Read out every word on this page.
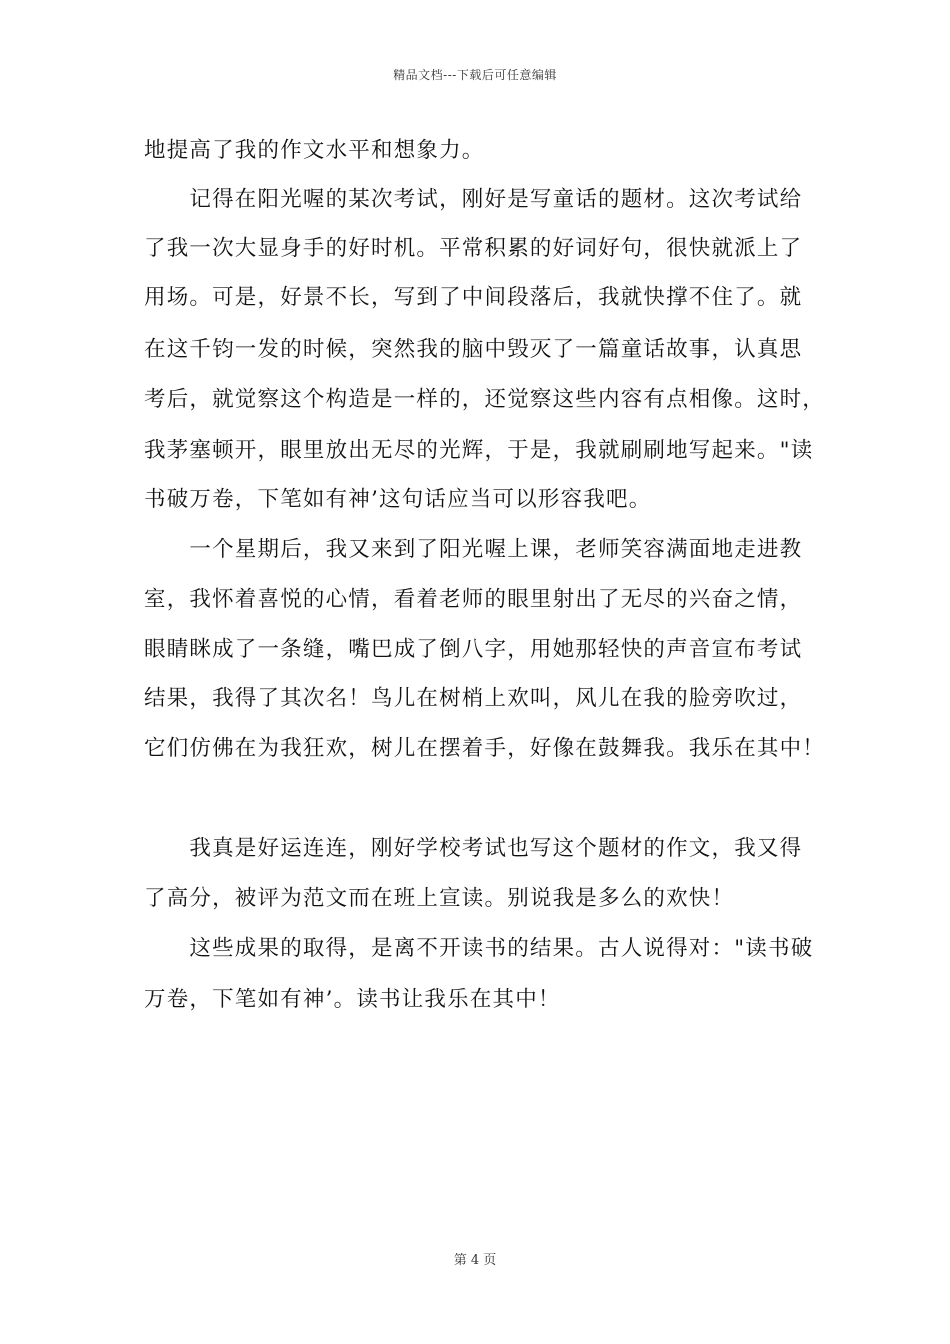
精品文档---下载后可任意编辑
地提高了我的作文水平和想象力。
　　记得在阳光喔的某次考试，刚好是写童话的题材。这次考试给
了我一次大显身手的好时机。平常积累的好词好句，很快就派上了
用场。可是，好景不长，写到了中间段落后，我就快撑不住了。就
在这千钧一发的时候，突然我的脑中毁灭了一篇童话故事，认真思
考后，就觉察这个构造是一样的，还觉察这些内容有点相像。这时，
我茅塞顿开，眼里放出无尽的光辉，于是，我就刷刷地写起来。"读
书破万卷，下笔如有神’这句话应当可以形容我吧。
　　一个星期后，我又来到了阳光喔上课，老师笑容满面地走进教
室，我怀着喜悦的心情，看着老师的眼里射出了无尽的兴奋之情，
眼睛眯成了一条缝，嘴巴成了倒八字，用她那轻快的声音宣布考试
结果，我得了其次名！鸟儿在树梢上欢叫，风儿在我的脸旁吹过，
它们仿佛在为我狂欢，树儿在摆着手，好像在鼓舞我。我乐在其中！
　　我真是好运连连，刚好学校考试也写这个题材的作文，我又得
了高分，被评为范文而在班上宣读。别说我是多么的欢快！
　　这些成果的取得，是离不开读书的结果。古人说得对："读书破
万卷，下笔如有神’。读书让我乐在其中！
第 4 页
